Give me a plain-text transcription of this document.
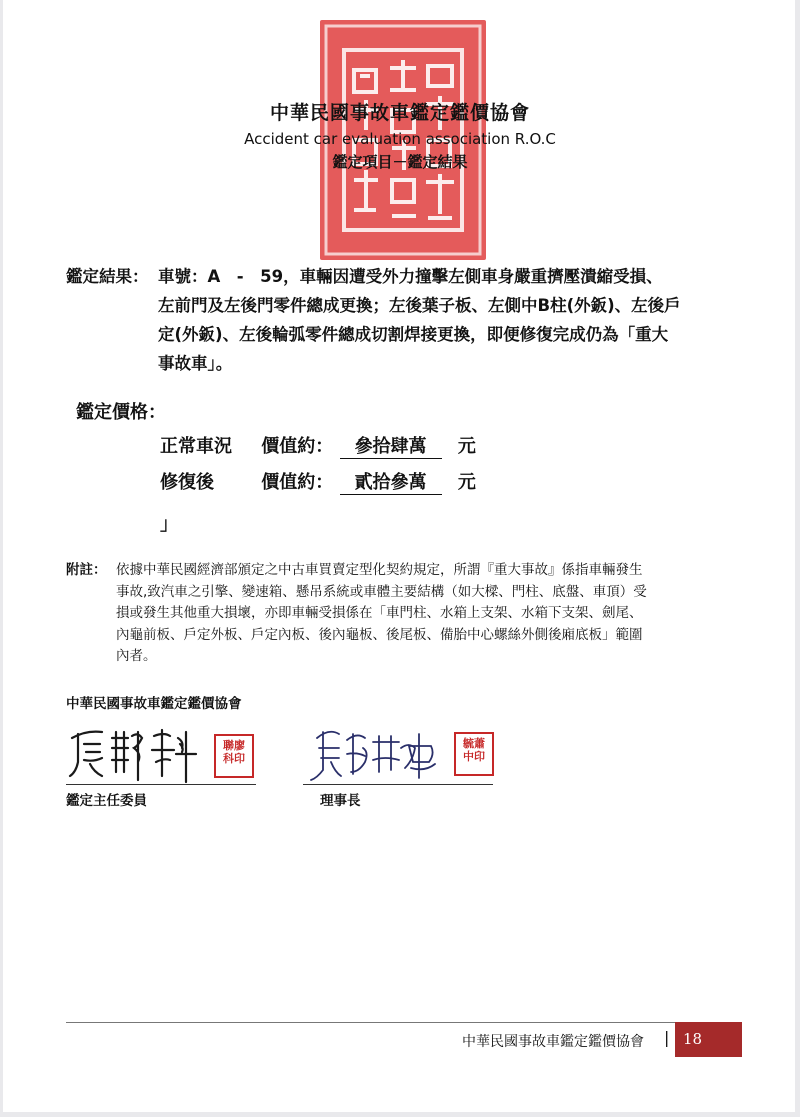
中華民國事故車鑑定鑑價協會
Accident car evaluation association R.O.C
鑑定項目－鑑定結果
鑑定結果： 車號：A　-　59，車輛因遭受外力撞擊左側車身嚴重擠壓潰縮受損、
左前門及左後門零件總成更換；左後葉子板、左側中B柱(外鈑)、左後戶
定(外鈑)、左後輪弧零件總成切割焊接更換，即便修復完成仍為「重大
事故車」。
鑑定價格：
正常車況 價值約： 參拾肆萬 元
修復後	價值約： 貳拾參萬 元
」
附註： 依據中華民國經濟部頒定之中古車買賣定型化契約規定，所謂『重大事故』係指車輛發生
事故,致汽車之引擎、變速箱、懸吊系統或車體主要結構（如大樑、門柱、底盤、車頂）受
損或發生其他重大損壞，亦即車輛受損係在「車門柱、水箱上支架、水箱下支架、劍尾、
內龜前板、戶定外板、戶定內板、後內龜板、後尾板、備胎中心螺絲外側後廂底板」範圍
內者。
中華民國事故車鑑定鑑價協會
聯廖
科印
鑑定主任委員
毓蕭
中印
理事長
中華民國事故車鑑定鑑價協會 | 18
